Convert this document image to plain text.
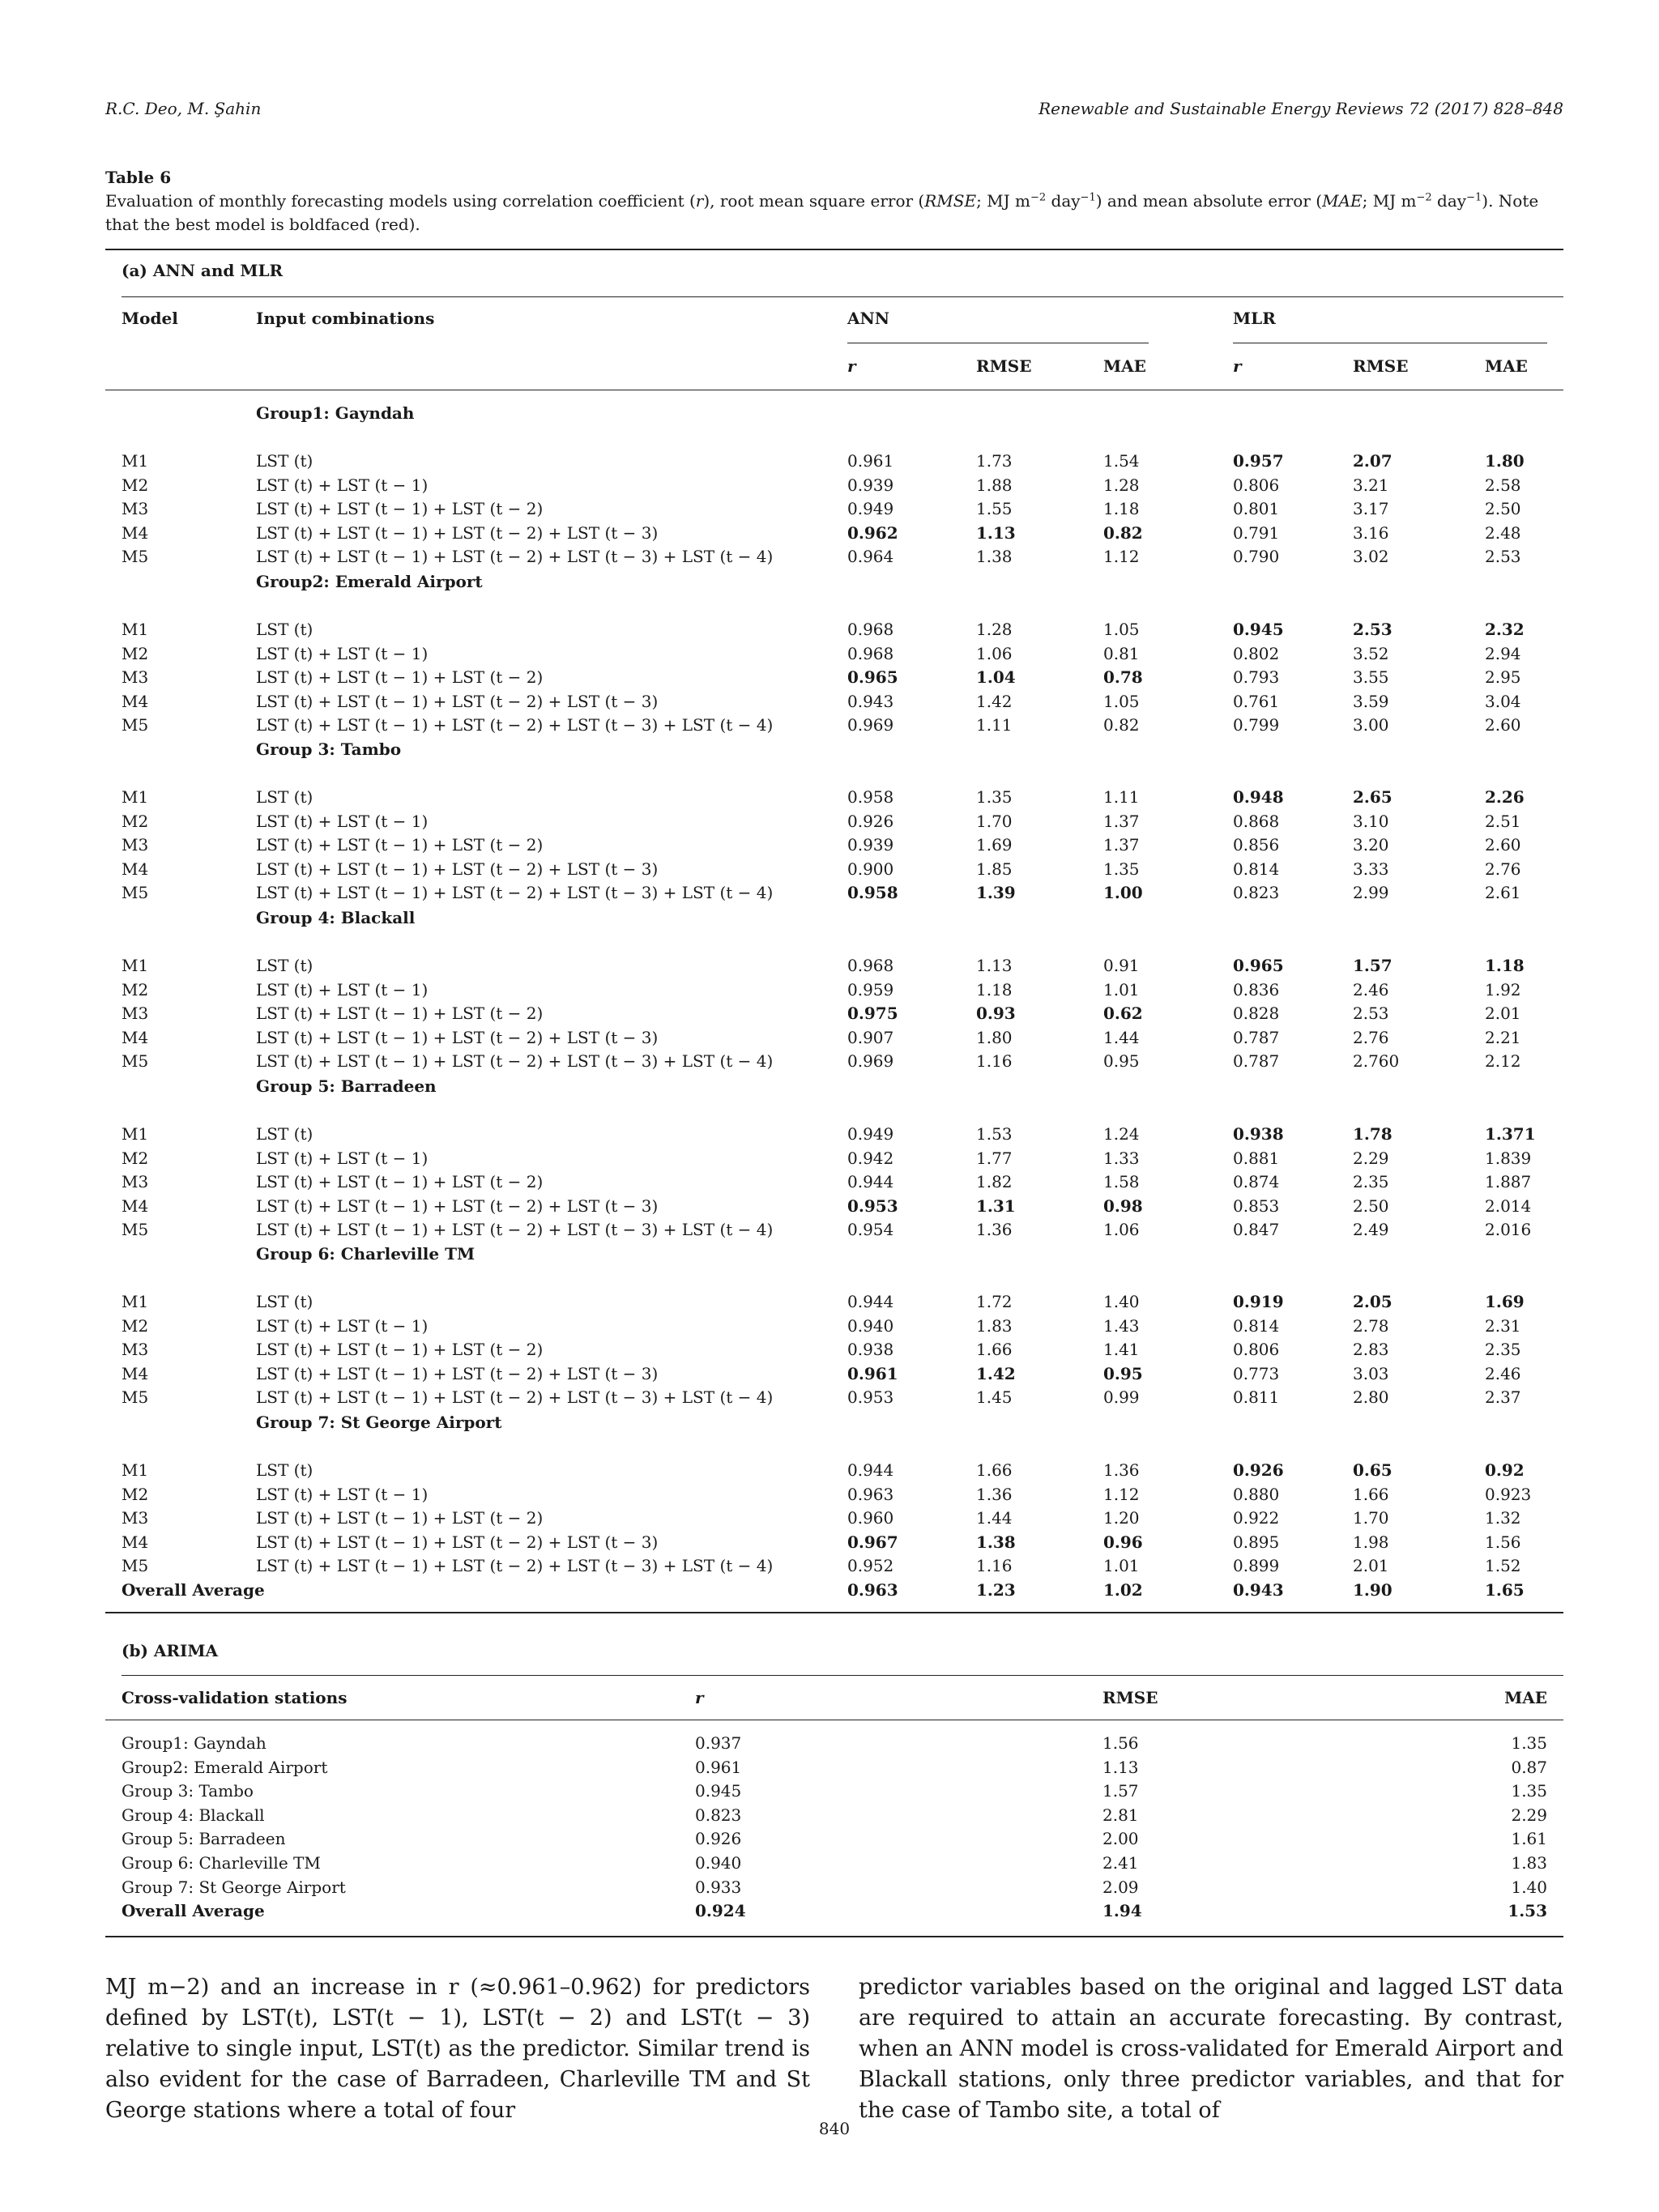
R.C. Deo, M. Şahin	Renewable and Sustainable Energy Reviews 72 (2017) 828–848
Table 6
Evaluation of monthly forecasting models using correlation coefficient (r), root mean square error (RMSE; MJ $m^{-2}$ day$^{-1}$) and mean absolute error (MAE; MJ $m^{-2}$ day$^{-1}$). Note that the best model is boldfaced (red).
(a) ANN and MLR
Model	Input combinations	ANN	MLR
r	RMSE	MAE	r	RMSE	MAE
Group1: Gayndah
M1	LST (t)	0.961	1.73	1.54	0.957	2.07	1.80
M2	LST (t) + LST (t − 1)	0.939	1.88	1.28	0.806	3.21	2.58
M3	LST (t) + LST (t − 1) + LST (t − 2)	0.949	1.55	1.18	0.801	3.17	2.50
M4	LST (t) + LST (t − 1) + LST (t − 2) + LST (t − 3)	0.962	1.13	0.82	0.791	3.16	2.48
M5	LST (t) + LST (t − 1) + LST (t − 2) + LST (t − 3) + LST (t − 4)	0.964	1.38	1.12	0.790	3.02	2.53
Group2: Emerald Airport
M1	LST (t)	0.968	1.28	1.05	0.945	2.53	2.32
M2	LST (t) + LST (t − 1)	0.968	1.06	0.81	0.802	3.52	2.94
M3	LST (t) + LST (t − 1) + LST (t − 2)	0.965	1.04	0.78	0.793	3.55	2.95
M4	LST (t) + LST (t − 1) + LST (t − 2) + LST (t − 3)	0.943	1.42	1.05	0.761	3.59	3.04
M5	LST (t) + LST (t − 1) + LST (t − 2) + LST (t − 3) + LST (t − 4)	0.969	1.11	0.82	0.799	3.00	2.60
Group 3: Tambo
M1	LST (t)	0.958	1.35	1.11	0.948	2.65	2.26
M2	LST (t) + LST (t − 1)	0.926	1.70	1.37	0.868	3.10	2.51
M3	LST (t) + LST (t − 1) + LST (t − 2)	0.939	1.69	1.37	0.856	3.20	2.60
M4	LST (t) + LST (t − 1) + LST (t − 2) + LST (t − 3)	0.900	1.85	1.35	0.814	3.33	2.76
M5	LST (t) + LST (t − 1) + LST (t − 2) + LST (t − 3) + LST (t − 4)	0.958	1.39	1.00	0.823	2.99	2.61
Group 4: Blackall
M1	LST (t)	0.968	1.13	0.91	0.965	1.57	1.18
M2	LST (t) + LST (t − 1)	0.959	1.18	1.01	0.836	2.46	1.92
M3	LST (t) + LST (t − 1) + LST (t − 2)	0.975	0.93	0.62	0.828	2.53	2.01
M4	LST (t) + LST (t − 1) + LST (t − 2) + LST (t − 3)	0.907	1.80	1.44	0.787	2.76	2.21
M5	LST (t) + LST (t − 1) + LST (t − 2) + LST (t − 3) + LST (t − 4)	0.969	1.16	0.95	0.787	2.760	2.12
Group 5: Barradeen
M1	LST (t)	0.949	1.53	1.24	0.938	1.78	1.371
M2	LST (t) + LST (t − 1)	0.942	1.77	1.33	0.881	2.29	1.839
M3	LST (t) + LST (t − 1) + LST (t − 2)	0.944	1.82	1.58	0.874	2.35	1.887
M4	LST (t) + LST (t − 1) + LST (t − 2) + LST (t − 3)	0.953	1.31	0.98	0.853	2.50	2.014
M5	LST (t) + LST (t − 1) + LST (t − 2) + LST (t − 3) + LST (t − 4)	0.954	1.36	1.06	0.847	2.49	2.016
Group 6: Charleville TM
M1	LST (t)	0.944	1.72	1.40	0.919	2.05	1.69
M2	LST (t) + LST (t − 1)	0.940	1.83	1.43	0.814	2.78	2.31
M3	LST (t) + LST (t − 1) + LST (t − 2)	0.938	1.66	1.41	0.806	2.83	2.35
M4	LST (t) + LST (t − 1) + LST (t − 2) + LST (t − 3)	0.961	1.42	0.95	0.773	3.03	2.46
M5	LST (t) + LST (t − 1) + LST (t − 2) + LST (t − 3) + LST (t − 4)	0.953	1.45	0.99	0.811	2.80	2.37
Group 7: St George Airport
M1	LST (t)	0.944	1.66	1.36	0.926	0.65	0.92
M2	LST (t) + LST (t − 1)	0.963	1.36	1.12	0.880	1.66	0.923
M3	LST (t) + LST (t − 1) + LST (t − 2)	0.960	1.44	1.20	0.922	1.70	1.32
M4	LST (t) + LST (t − 1) + LST (t − 2) + LST (t − 3)	0.967	1.38	0.96	0.895	1.98	1.56
M5	LST (t) + LST (t − 1) + LST (t − 2) + LST (t − 3) + LST (t − 4)	0.952	1.16	1.01	0.899	2.01	1.52
Overall Average	0.963	1.23	1.02	0.943	1.90	1.65
(b) ARIMA
Cross-validation stations	r	RMSE	MAE
Group1: Gayndah	0.937	1.56	1.35
Group2: Emerald Airport	0.961	1.13	0.87
Group 3: Tambo	0.945	1.57	1.35
Group 4: Blackall	0.823	2.81	2.29
Group 5: Barradeen	0.926	2.00	1.61
Group 6: Charleville TM	0.940	2.41	1.83
Group 7: St George Airport	0.933	2.09	1.40
Overall Average	0.924	1.94	1.53
MJ m−2) and an increase in r (≈0.961–0.962) for predictors defined by LST(t), LST(t − 1), LST(t − 2) and LST(t − 3) relative to single input, LST(t) as the predictor. Similar trend is also evident for the case of Barradeen, Charleville TM and St George stations where a total of four
predictor variables based on the original and lagged LST data are required to attain an accurate forecasting. By contrast, when an ANN model is cross-validated for Emerald Airport and Blackall stations, only three predictor variables, and that for the case of Tambo site, a total of
840
